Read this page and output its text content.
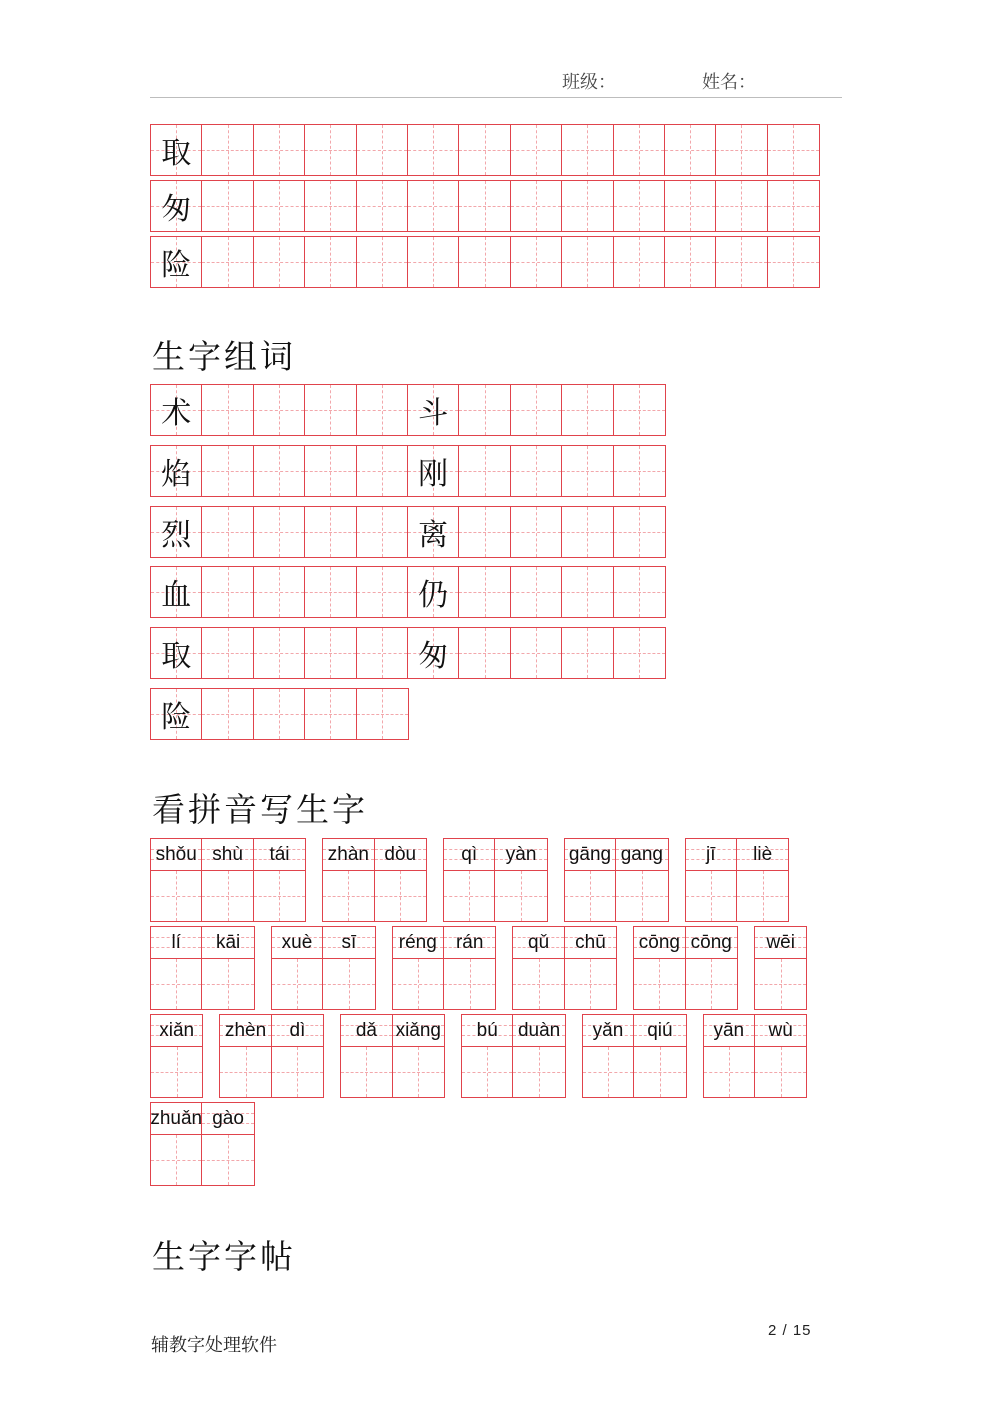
班级：	姓名：
取
匆
险
生字组词
术	斗
焰	刚
烈	离
血	仍
取	匆
险
看拼音写生字
shǒu shù tái zhàn dòu qì yàn gāng gang jī liè
lí kāi xuè sī réng rán qǔ chū cōng cōng wēi
xiǎn zhèn dì	dǎ xiǎng bú duàn yǎn qiú yān wù
zhuǎn gào
生字字帖
辅教字处理软件
2 / 15
